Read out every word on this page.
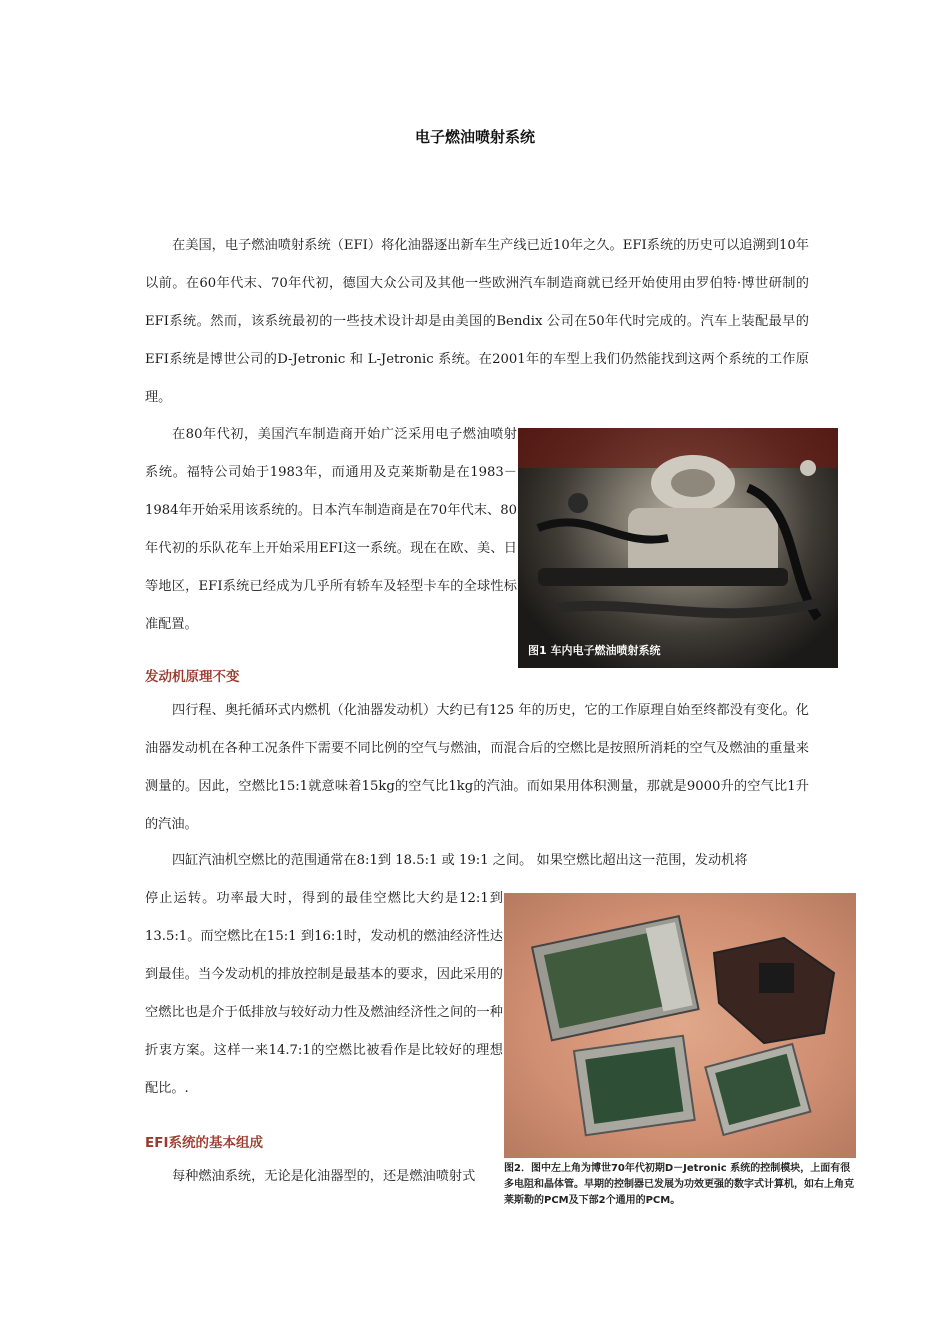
电子燃油喷射系统

在美国，电子燃油喷射系统（EFI）将化油器逐出新车生产线已近10年之久。EFI系统的历史可以追溯到10年以前。在60年代末、70年代初，德国大众公司及其他一些欧洲汽车制造商就已经开始使用由罗伯特·博世研制的EFI系统。然而，该系统最初的一些技术设计却是由美国的Bendix 公司在50年代时完成的。汽车上装配最早的EFI系统是博世公司的D-Jetronic 和 L-Jetronic 系统。在2001年的车型上我们仍然能找到这两个系统的工作原理。

在80年代初，美国汽车制造商开始广泛采用电子燃油喷射系统。福特公司始于1983年，而通用及克莱斯勒是在1983－1984年开始采用该系统的。日本汽车制造商是在70年代末、80年代初的乐队花车上开始采用EFI这一系统。现在在欧、美、日等地区，EFI系统已经成为几乎所有轿车及轻型卡车的全球性标准配置。

图1 车内电子燃油喷射系统
发动机原理不变

四行程、奥托循环式内燃机（化油器发动机）大约已有125 年的历史，它的工作原理自始至终都没有变化。化油器发动机在各种工况条件下需要不同比例的空气与燃油，而混合后的空燃比是按照所消耗的空气及燃油的重量来测量的。因此，空燃比15:1就意味着15kg的空气比1kg的汽油。而如果用体积测量，那就是9000升的空气比1升的汽油。

四缸汽油机空燃比的范围通常在8:1到 18.5:1 或 19:1 之间。 如果空燃比超出这一范围，发动机将

停止运转。功率最大时，得到的最佳空燃比大约是12:1到13.5:1。而空燃比在15:1 到16:1时，发动机的燃油经济性达到最佳。当今发动机的排放控制是最基本的要求，因此采用的空燃比也是介于低排放与较好动力性及燃油经济性之间的一种折衷方案。这样一来14.7:1的空燃比被看作是比较好的理想配比。.

图2．图中左上角为博世70年代初期D－Jetronic 系统的控制模块，上面有很多电阻和晶体管。早期的控制器已发展为功效更强的数字式计算机，如右上角克莱斯勒的PCM及下部2个通用的PCM。
EFI系统的基本组成

每种燃油系统，无论是化油器型的，还是燃油喷射式
